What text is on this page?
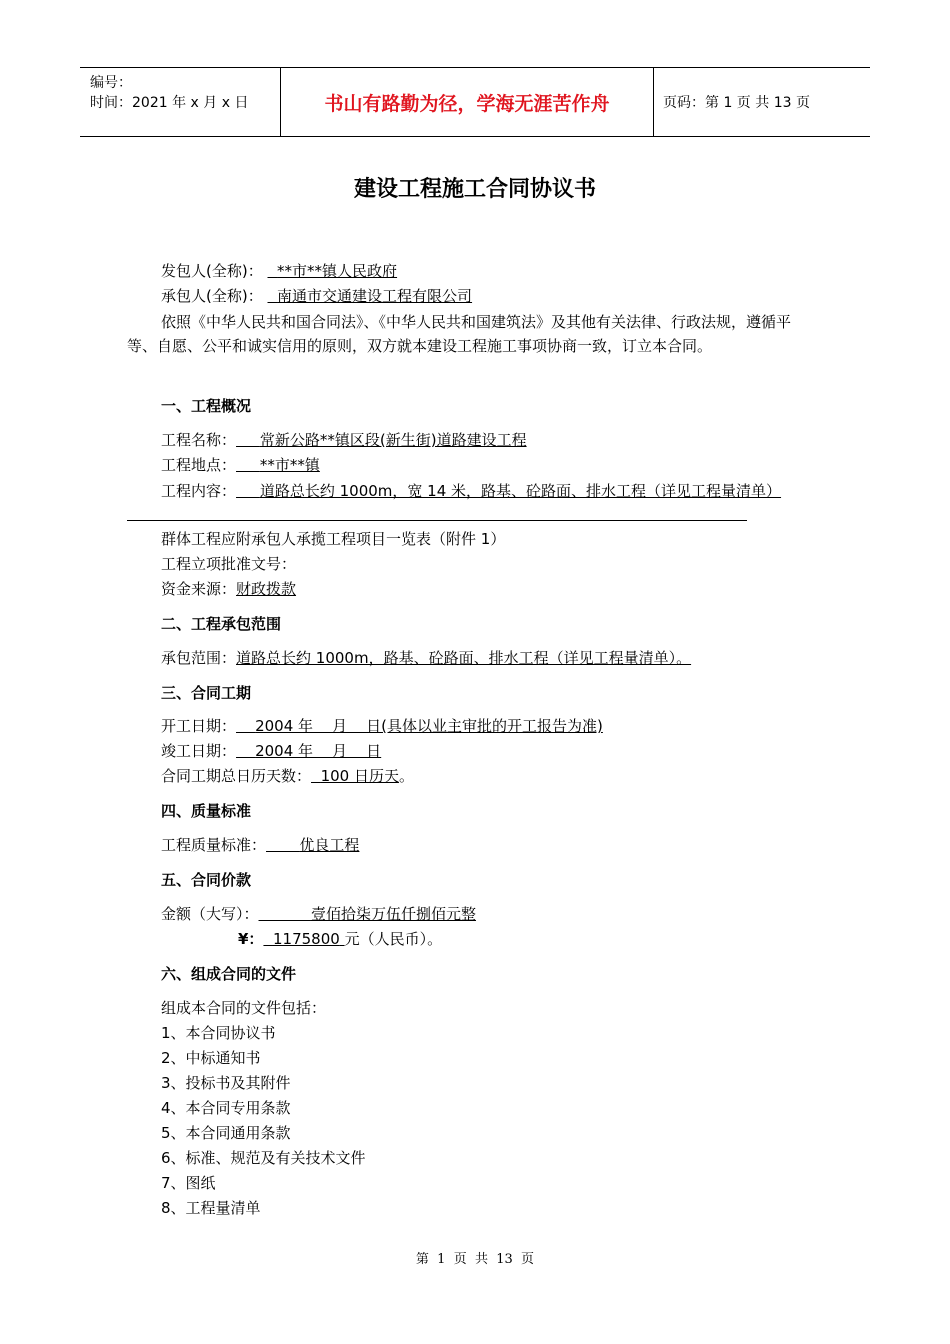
编号：
时间：2021 年 x 月 x 日	书山有路勤为径，学海无涯苦作舟	页码：第 1 页 共 13 页
建设工程施工合同协议书
发包人(全称)： **市**镇人民政府
承包人(全称)： 南通市交通建设工程有限公司
依照《中华人民共和国合同法》、《中华人民共和国建筑法》及其他有关法律、行政法规，遵循平等、自愿、公平和诚实信用的原则，双方就本建设工程施工事项协商一致，订立本合同。
一、工程概况
工程名称： 常新公路**镇区段(新生街)道路建设工程
工程地点： **市**镇
工程内容： 道路总长约 1000m，宽 14 米，路基、砼路面、排水工程（详见工程量清单）
群体工程应附承包人承揽工程项目一览表（附件 1）
工程立项批准文号：
资金来源：财政拨款
二、工程承包范围
承包范围：道路总长约 1000m，路基、砼路面、排水工程（详见工程量清单）。
三、合同工期
开工日期： 2004 年    月    日(具体以业主审批的开工报告为准)
竣工日期： 2004 年    月    日
合同工期总日历天数： 100 日历天。
四、质量标准
工程质量标准： 优良工程
五、合同价款
金额（大写）：	壹佰拾柒万伍仟捌佰元整
¥： 1175800 元（人民币）。
六、组成合同的文件
组成本合同的文件包括：
1、本合同协议书
2、中标通知书
3、投标书及其附件
4、本合同专用条款
5、本合同通用条款
6、标准、规范及有关技术文件
7、图纸
8、工程量清单
第  1  页  共  13  页
